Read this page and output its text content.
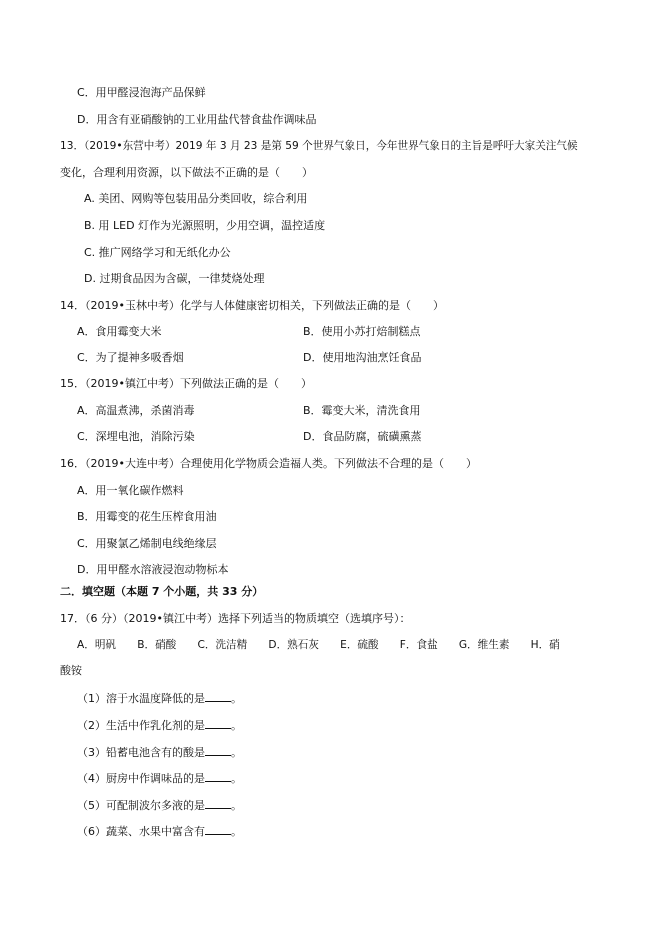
C．用甲醛浸泡海产品保鲜
D．用含有亚硝酸钠的工业用盐代替食盐作调味品
13．（2019•东营中考）2019 年 3 月 23 是第 59 个世界气象日，今年世界气象日的主旨是呼吁大家关注气候
变化，合理利用资源，以下做法不正确的是（　　）
A. 美团、网购等包装用品分类回收，综合利用
B. 用 LED 灯作为光源照明，少用空调，温控适度
C. 推广网络学习和无纸化办公
D. 过期食品因为含碳，一律焚烧处理
14．（2019•玉林中考）化学与人体健康密切相关，下列做法正确的是（　　）
A．食用霉变大米	B．使用小苏打焙制糕点
C．为了提神多吸香烟	D．使用地沟油烹饪食品
15．（2019•镇江中考）下列做法正确的是（　　）
A．高温煮沸，杀菌消毒	B．霉变大米，清洗食用
C．深埋电池，消除污染	D．食品防腐，硫磺熏蒸
16．（2019•大连中考）合理使用化学物质会造福人类。下列做法不合理的是（　　）
A．用一氧化碳作燃料
B．用霉变的花生压榨食用油
C．用聚氯乙烯制电线绝缘层
D．用甲醛水溶液浸泡动物标本
二．填空题（本题 7 个小题，共 33 分）
17．（6 分）（2019•镇江中考）选择下列适当的物质填空（选填序号）：
A．明矾　　B．硝酸　　C．洗洁精　　D．熟石灰　　E．硫酸　　F．食盐　　G．维生素　　H．硝
酸铵
（1）溶于水温度降低的是 。
（2）生活中作乳化剂的是 。
（3）铅蓄电池含有的酸是 。
（4）厨房中作调味品的是 。
（5）可配制波尔多液的是 。
（6）蔬菜、水果中富含有 。
